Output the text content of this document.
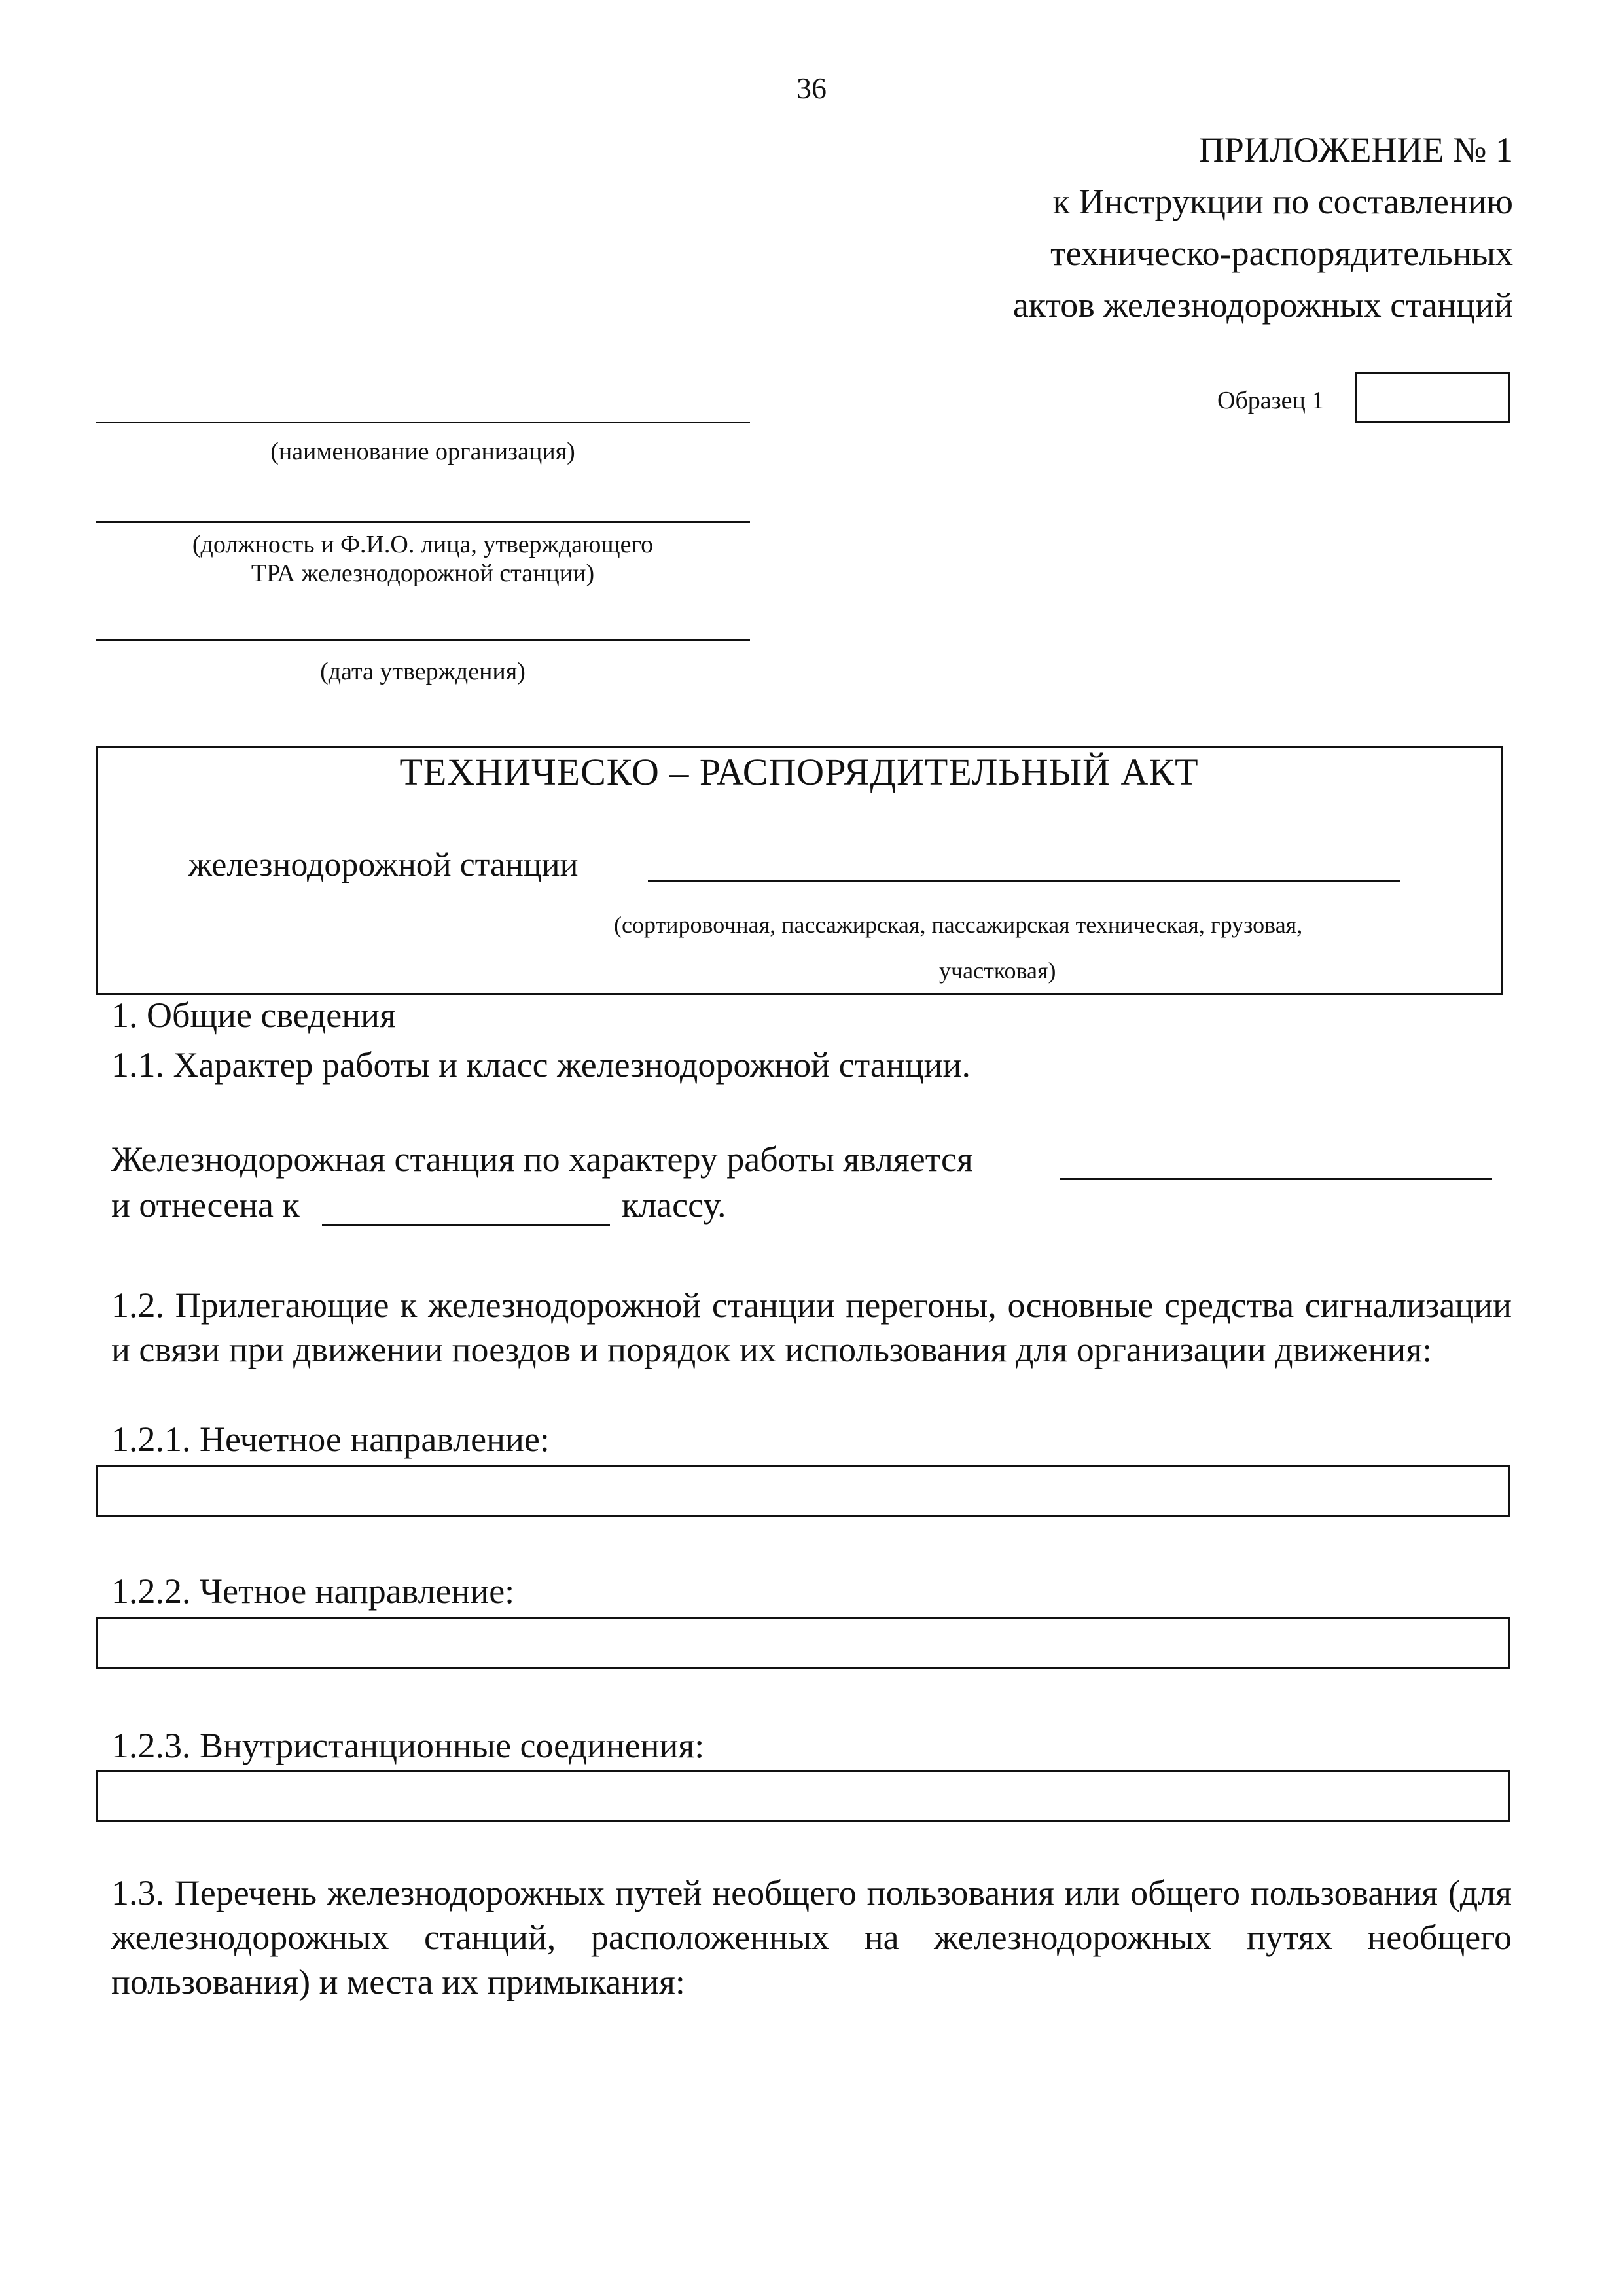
36
ПРИЛОЖЕНИЕ № 1
к Инструкции по составлению
техническо-распорядительных
актов железнодорожных станций
Образец 1
(наименование организация)
(должность и Ф.И.О. лица, утверждающего
ТРА железнодорожной станции)
(дата утверждения)
ТЕХНИЧЕСКО – РАСПОРЯДИТЕЛЬНЫЙ АКТ
железнодорожной станции
(сортировочная, пассажирская, пассажирская техническая, грузовая,
участковая)
1. Общие сведения
1.1. Характер работы и класс железнодорожной станции.
Железнодорожная станция по характеру работы является
и отнесена к	классу.
1.2. Прилегающие к железнодорожной станции перегоны, основные средства сигнализации и связи при движении поездов и порядок их использования для организации движения:
1.2.1. Нечетное направление:
1.2.2. Четное направление:
1.2.3. Внутристанционные соединения:
1.3. Перечень железнодорожных путей необщего пользования или общего пользования (для железнодорожных станций, расположенных на железнодорожных путях необщего пользования) и места их примыкания:
